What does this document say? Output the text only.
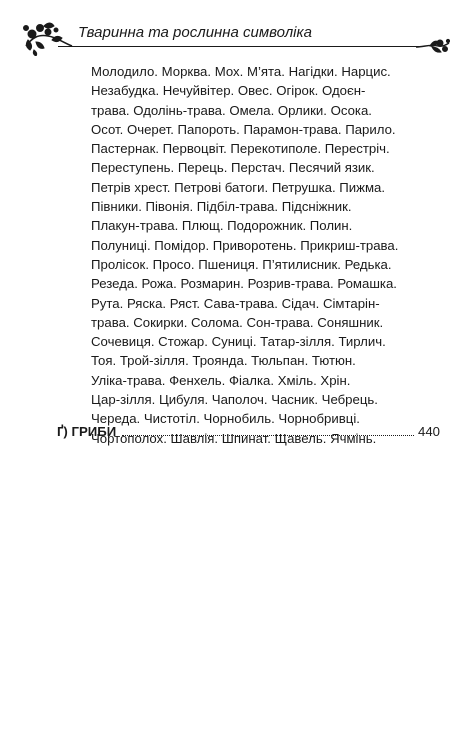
Тваринна та рослинна символіка
Молодило. Морква. Мох. М’ята. Нагідки. Нарцис.
Незабудка. Нечуйвітер. Овес. Огірок. Одоєн-
трава. Одолінь-трава. Омела. Орлики. Осока.
Осот. Очерет. Папороть. Парамон-трава. Парило.
Пастернак. Первоцвіт. Перекотиполе. Перестріч.
Переступень. Перець. Перстач. Песячий язик.
Петрів хрест. Петрові батоги. Петрушка. Пижма.
Півники. Півонія. Підбіл-трава. Підсніжник.
Плакун-трава. Плющ. Подорожник. Полин.
Полуниці. Помідор. Приворотень. Прикриш-трава.
Пролісок. Просо. Пшениця. П’ятилисник. Редька.
Резеда. Рожа. Розмарин. Розрив-трава. Ромашка.
Рута. Ряска. Ряст. Сава-трава. Сідач. Сімтарін-
трава. Сокирки. Солома. Сон-трава. Соняшник.
Сочевиця. Стожар. Суниці. Татар-зілля. Тирлич.
Тоя. Трой-зілля. Троянда. Тюльпан. Тютюн.
Уліка-трава. Фенхель. Фіалка. Хміль. Хрін.
Цар-зілля. Цибуля. Чаполоч. Часник. Чебрець.
Череда. Чистотіл. Чорнобиль. Чорнобривці.
Чортополох. Шавлія. Шпинат. Щавель. Ячмінь.
Ґ) ГРИБИ	440
